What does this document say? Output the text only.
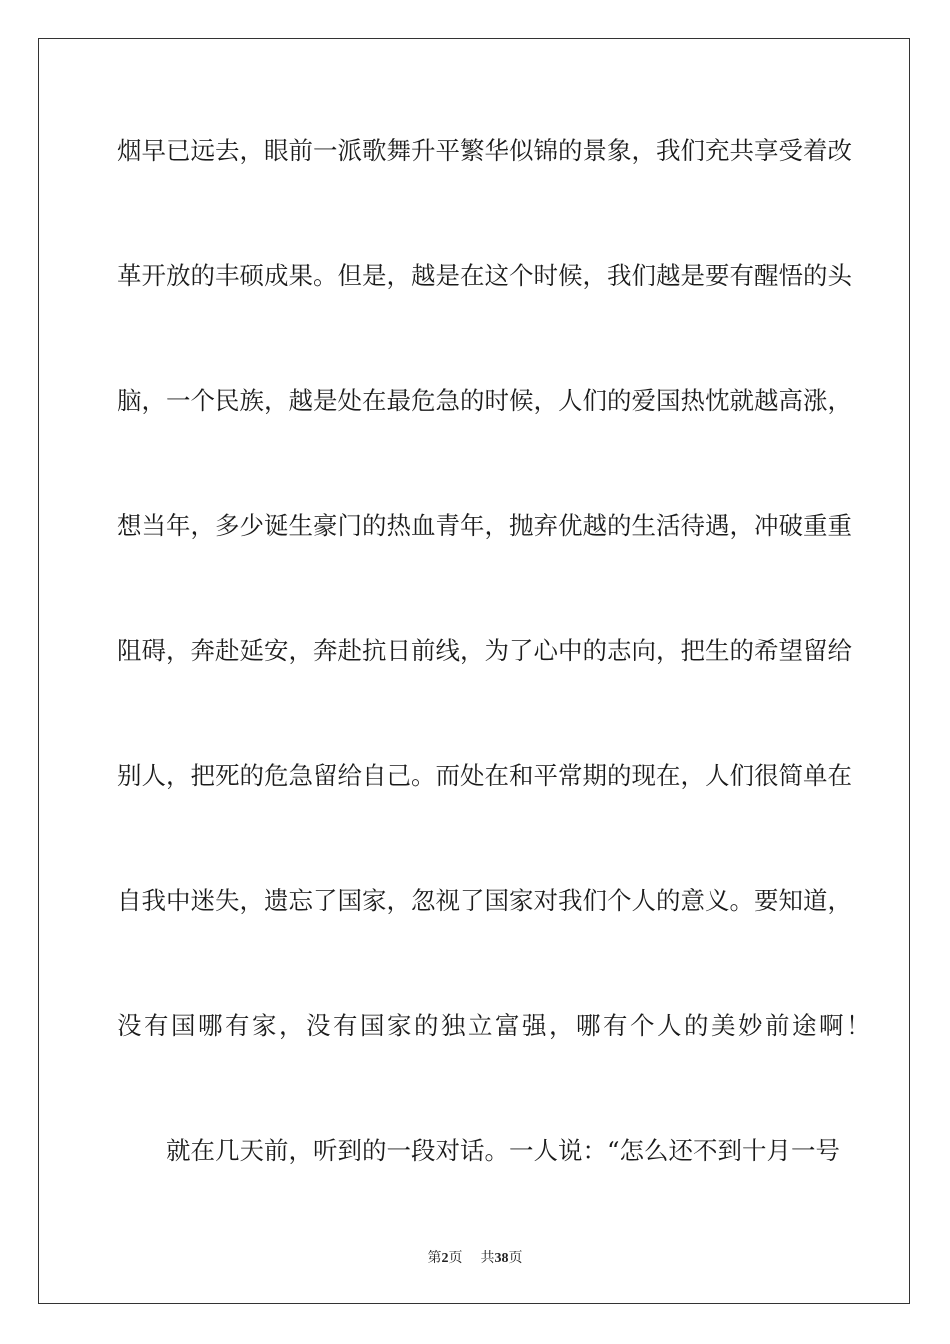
烟早已远去，眼前一派歌舞升平繁华似锦的景象，我们充共享受着改
革开放的丰硕成果。但是，越是在这个时候，我们越是要有醒悟的头
脑，一个民族，越是处在最危急的时候，人们的爱国热忱就越高涨，
想当年，多少诞生豪门的热血青年，抛弃优越的生活待遇，冲破重重
阻碍，奔赴延安，奔赴抗日前线，为了心中的志向，把生的希望留给
别人，把死的危急留给自己。而处在和平常期的现在，人们很简单在
自我中迷失，遗忘了国家，忽视了国家对我们个人的意义。要知道，
没有国哪有家，没有国家的独立富强，哪有个人的美妙前途啊！
就在几天前，听到的一段对话。一人说：“怎么还不到十月一号
第2页 共38页
